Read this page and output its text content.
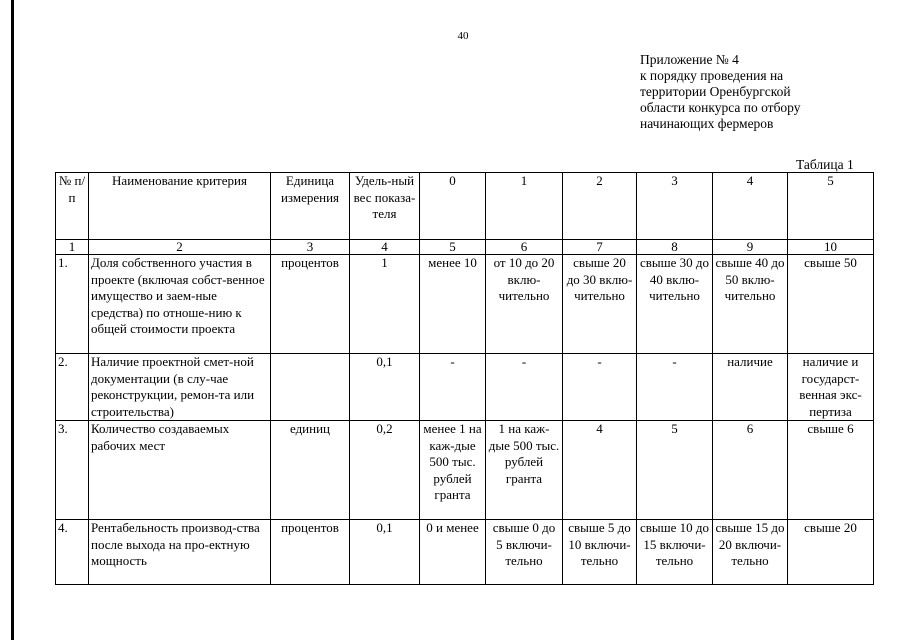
40
Приложение № 4
к порядку проведения на
территории Оренбургской
области конкурса по отбору
начинающих фермеров
Таблица 1
№ п/п	Наименование критерия	Единица измерения	Удель-ный вес показа-теля	0	1	2	3	4	5
1	2	3	4	5	6	7	8	9	10
1.	Доля собственного участия в проекте (включая собст-венное имущество и заем-ные средства) по отноше-нию к общей стоимости проекта	процентов	1	менее 10	от 10 до 20 вклю-чительно	свыше 20 до 30 вклю-чительно	свыше 30 до 40 вклю-чительно	свыше 40 до 50 вклю-чительно	свыше 50
2.	Наличие проектной смет-ной документации (в слу-чае реконструкции, ремон-та или строительства)		0,1	-	-	-	-	наличие	наличие и государст-венная экс-пертиза
3.	Количество создаваемых рабочих мест	единиц	0,2	менее 1 на каж-дые 500 тыс. рублей гранта	1 на каж-дые 500 тыс. рублей гранта	4	5	6	свыше 6
4.	Рентабельность производ-ства после выхода на про-ектную мощность	процентов	0,1	0 и менее	свыше 0 до 5 включи-тельно	свыше 5 до 10 включи-тельно	свыше 10 до 15 включи-тельно	свыше 15 до 20 включи-тельно	свыше 20
